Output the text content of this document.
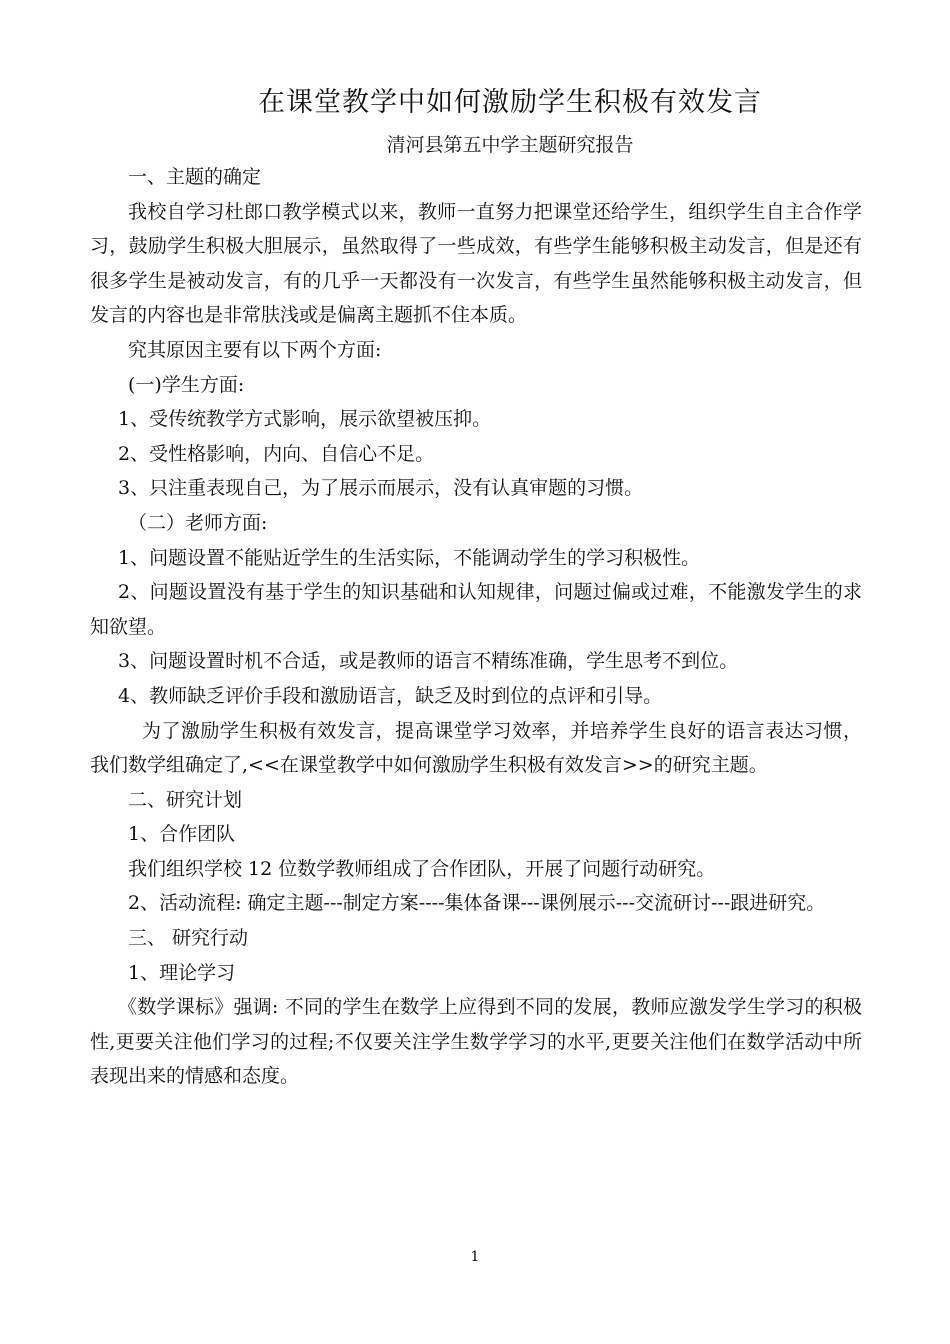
在课堂教学中如何激励学生积极有效发言
清河县第五中学主题研究报告

一、主题的确定

我校自学习杜郎口教学模式以来，教师一直努力把课堂还给学生，组织学生自主合作学习，鼓励学生积极大胆展示，虽然取得了一些成效，有些学生能够积极主动发言，但是还有很多学生是被动发言，有的几乎一天都没有一次发言，有些学生虽然能够积极主动发言，但发言的内容也是非常肤浅或是偏离主题抓不住本质。

究其原因主要有以下两个方面:

(一)学生方面:

1、受传统教学方式影响，展示欲望被压抑。

2、受性格影响，内向、自信心不足。

3、只注重表现自己，为了展示而展示，没有认真审题的习惯。

（二）老师方面:

1、问题设置不能贴近学生的生活实际，不能调动学生的学习积极性。

2、问题设置没有基于学生的知识基础和认知规律，问题过偏或过难，不能激发学生的求知欲望。

3、问题设置时机不合适，或是教师的语言不精练准确，学生思考不到位。

4、教师缺乏评价手段和激励语言，缺乏及时到位的点评和引导。

为了激励学生积极有效发言，提高课堂学习效率，并培养学生良好的语言表达习惯，我们数学组确定了,<<在课堂教学中如何激励学生积极有效发言>>的研究主题。

二、研究计划

1、合作团队

我们组织学校 12 位数学教师组成了合作团队，开展了问题行动研究。

2、活动流程: 确定主题---制定方案----集体备课---课例展示---交流研讨---跟进研究。

三、 研究行动

1、理论学习

《数学课标》强调: 不同的学生在数学上应得到不同的发展，教师应激发学生学习的积极性,更要关注他们学习的过程;不仅要关注学生数学学习的水平,更要关注他们在数学活动中所表现出来的情感和态度。

1
